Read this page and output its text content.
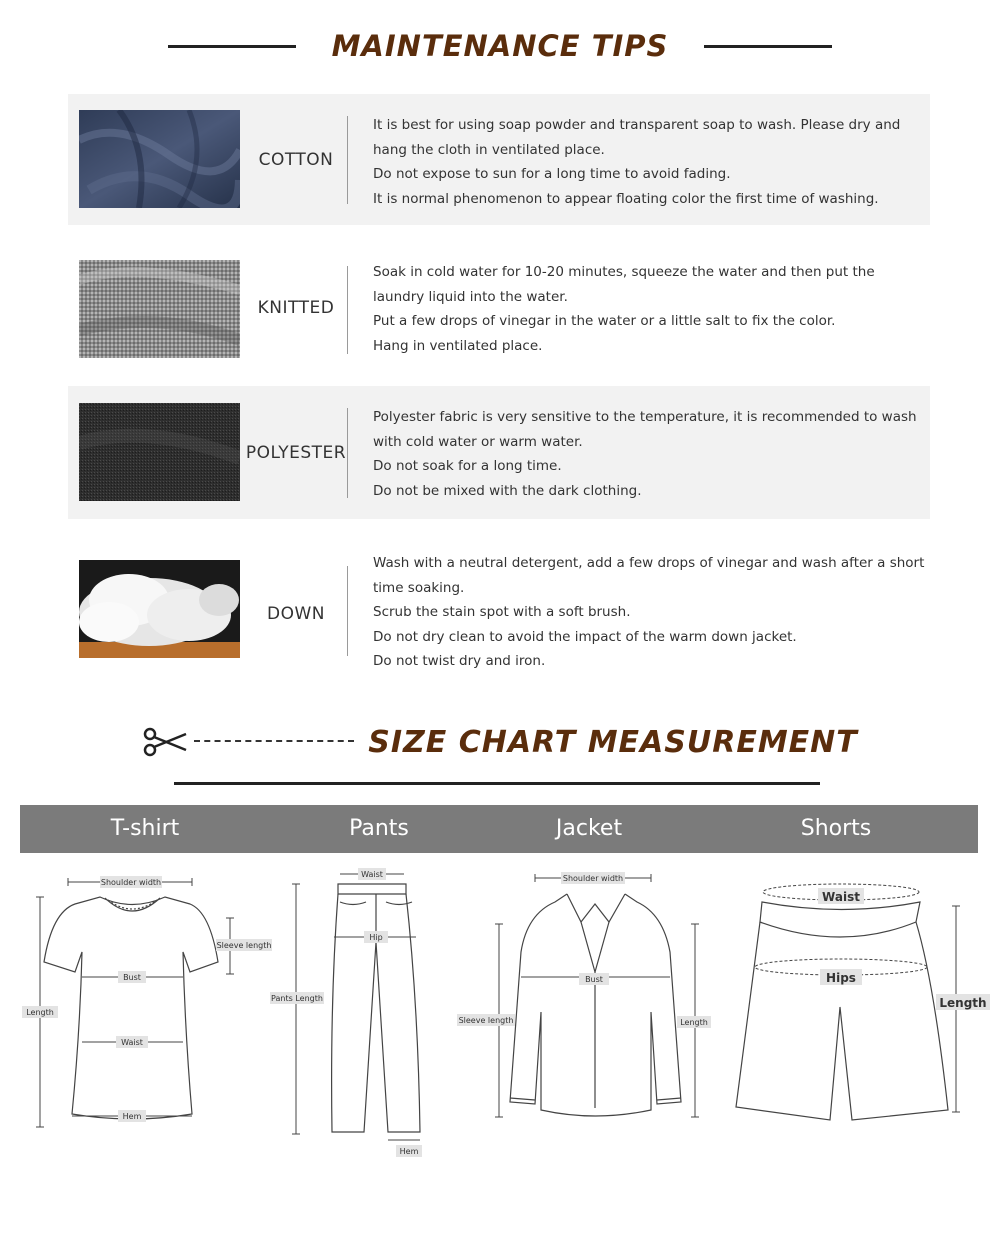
MAINTENANCE TIPS
COTTON
It is best for using soap powder and transparent soap to wash. Please dry and hang the cloth in ventilated place.
Do not expose to sun for a long time to avoid fading.
It is normal phenomenon to appear floating color the first time of washing.
KNITTED
Soak in cold water for 10-20 minutes, squeeze the water and then put the laundry liquid into the water.
Put a few drops of vinegar in the water or a little salt to fix the color.
Hang in ventilated place.
POLYESTER
Polyester fabric is very sensitive to the temperature, it is recommended to wash with cold water or warm water.
Do not soak for a long time.
Do not be mixed with the dark clothing.
DOWN
Wash with a neutral detergent, add a few drops of vinegar and wash after a short time soaking.
Scrub the stain spot with a soft brush.
Do not dry clean to avoid the impact of the warm down jacket.
Do not twist dry and iron.
SIZE CHART MEASUREMENT
T-shirt	Pants	Jacket	Shorts
Shoulder width
Bust
Waist
Hem
Length
Sleeve length
Waist
Hip
Pants Length
Hem
Shoulder width
Bust
Sleeve length	Length
Waist
Hips
Length
